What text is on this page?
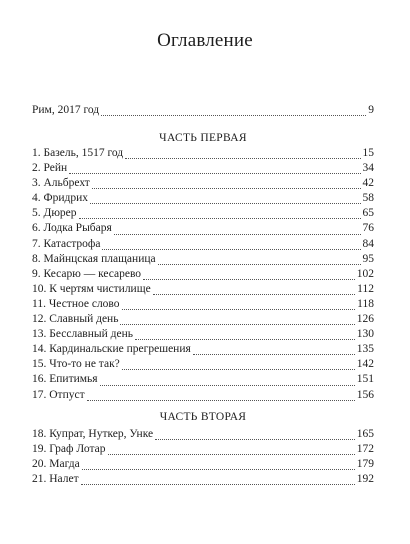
Оглавление
Рим, 2017 год	9
ЧАСТЬ ПЕРВАЯ
1. Базель, 1517 год	15
2. Рейн	34
3. Альбрехт	42
4. Фридрих	58
5. Дюрер	65
6. Лодка Рыбаря	76
7. Катастрофа	84
8. Майнцская плащаница	95
9. Кесарю — кесарево	102
10. К чертям чистилище	112
11. Честное слово	118
12. Славный день	126
13. Бесславный день	130
14. Кардинальские прегрешения	135
15. Что-то не так?	142
16. Епитимья	151
17. Отпуст	156
ЧАСТЬ ВТОРАЯ
18. Купрат, Нуткер, Унке	165
19. Граф Лотар	172
20. Магда	179
21. Налет	192
